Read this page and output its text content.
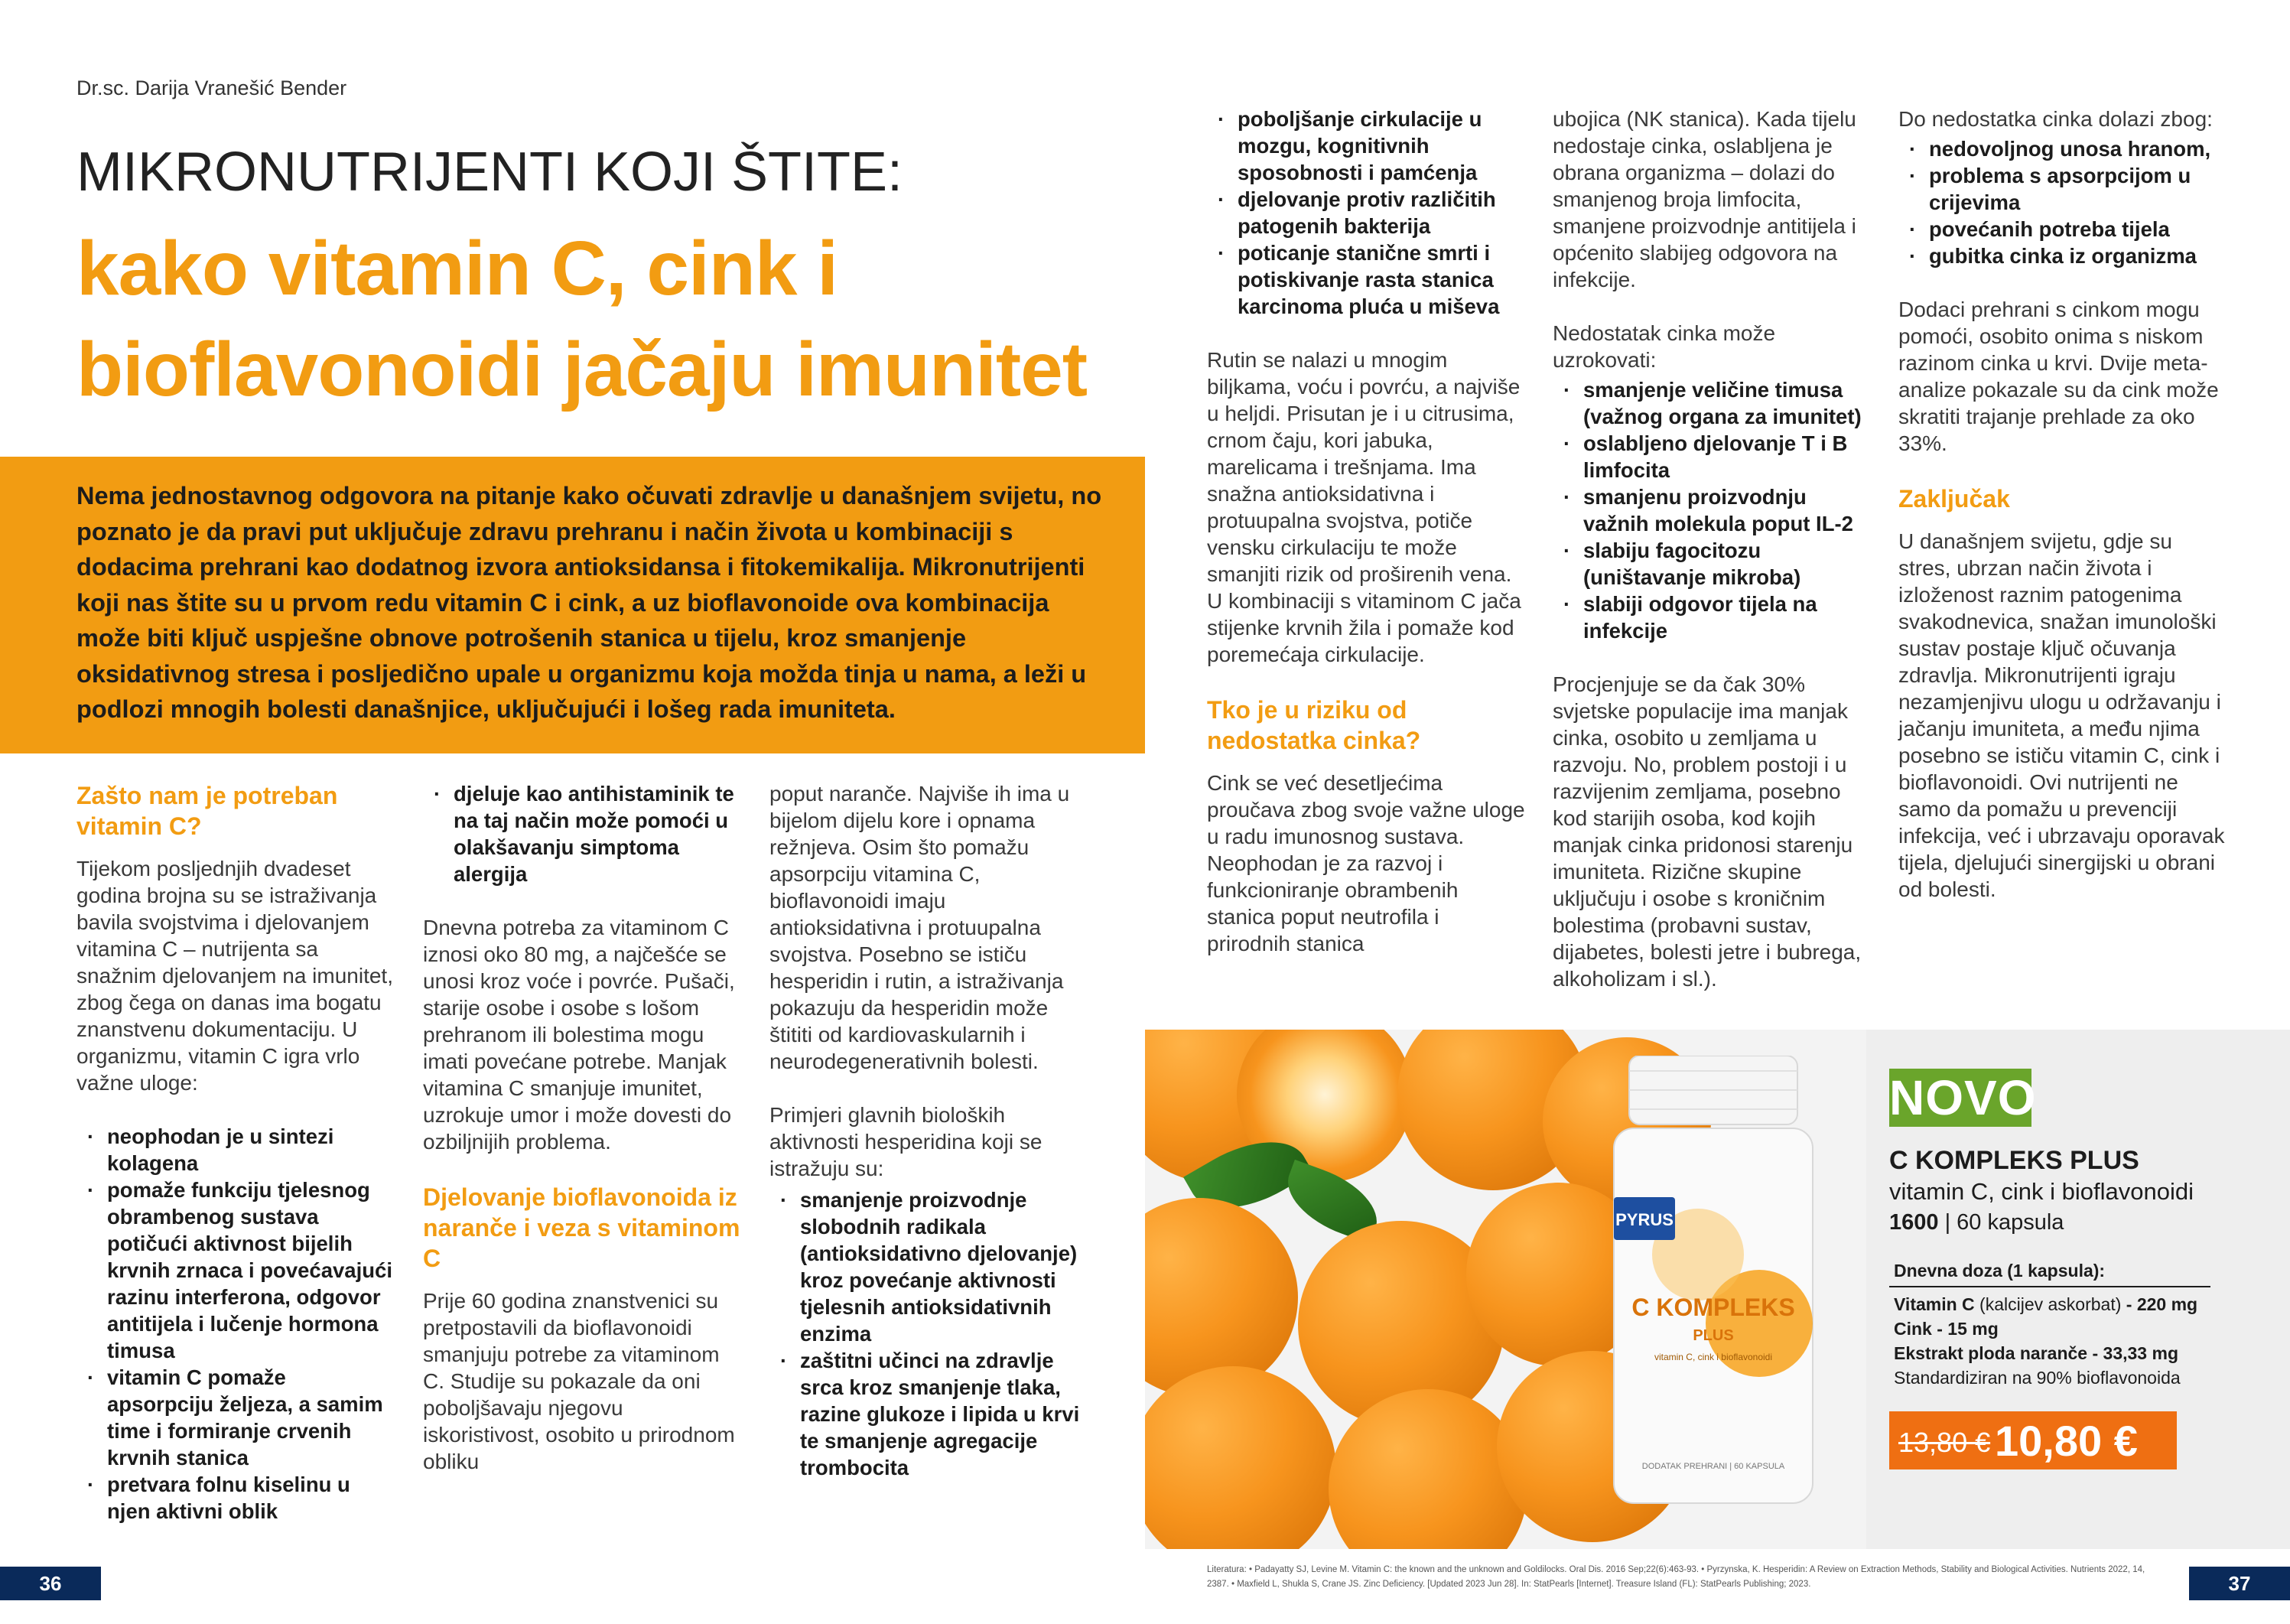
Dr.sc. Darija Vranešić Bender
MIKRONUTRIJENTI KOJI ŠTITE:
kako vitamin C, cink i
bioflavonoidi jačaju imunitet

Nema jednostavnog odgovora na pitanje kako očuvati zdravlje u današnjem svijetu, no poznato je da pravi put uključuje zdravu prehranu i način života u kombinaciji s dodacima prehrani kao dodatnog izvora antioksidansa i fitokemikalija. Mikronutrijenti koji nas štite su u prvom redu vitamin C i cink, a uz bioflavonoide ova kombinacija može biti ključ uspješne obnove potrošenih stanica u tijelu, kroz smanjenje oksidativnog stresa i posljedično upale u organizmu koja možda tinja u nama, a leži u podlozi mnogih bolesti današnjice, uključujući i lošeg rada imuniteta.

Zašto nam je potreban vitamin C?

Tijekom posljednjih dvadeset godina brojna su se istraživanja bavila svojstvima i djelovanjem vitamina C – nutrijenta sa snažnim djelovanjem na imunitet, zbog čega on danas ima bogatu znanstvenu dokumentaciju. U organizmu, vitamin C igra vrlo važne uloge:

· neophodan je u sintezi kolagena
· pomaže funkciju tjelesnog obrambenog sustava potičući aktivnost bijelih krvnih zrnaca i povećavajući razinu interferona, odgovor antitijela i lučenje hormona timusa
· vitamin C pomaže apsorpciju željeza, a samim time i formiranje crvenih krvnih stanica
· pretvara folnu kiselinu u njen aktivni oblik
· djeluje kao antihistaminik te na taj način može pomoći u olakšavanju simptoma alergija

Dnevna potreba za vitaminom C iznosi oko 80 mg, a najčešće se unosi kroz voće i povrće. Pušači, starije osobe i osobe s lošom prehranom ili bolestima mogu imati povećane potrebe. Manjak vitamina C smanjuje imunitet, uzrokuje umor i može dovesti do ozbiljnijih problema.

Djelovanje bioflavonoida iz naranče i veza s vitaminom C

Prije 60 godina znanstvenici su pretpostavili da bioflavonoidi smanjuju potrebe za vitaminom C. Studije su pokazale da oni poboljšavaju njegovu iskoristivost, osobito u prirodnom obliku

poput naranče. Najviše ih ima u bijelom dijelu kore i opnama režnjeva. Osim što pomažu apsorpciju vitamina C, bioflavonoidi imaju antioksidativna i protuupalna svojstva. Posebno se ističu hesperidin i rutin, a istraživanja pokazuju da hesperidin može štititi od kardiovaskularnih i neurodegenerativnih bolesti.

Primjeri glavnih bioloških aktivnosti hesperidina koji se istražuju su:

· smanjenje proizvodnje slobodnih radikala (antioksidativno djelovanje) kroz povećanje aktivnosti tjelesnih antioksidativnih enzima
· zaštitni učinci na zdravlje srca kroz smanjenje tlaka, razine glukoze i lipida u krvi te smanjenje agregacije trombocita
· poboljšanje cirkulacije u mozgu, kognitivnih sposobnosti i pamćenja
· djelovanje protiv različitih patogenih bakterija
· poticanje stanične smrti i potiskivanje rasta stanica karcinoma pluća u miševa

Rutin se nalazi u mnogim biljkama, voću i povrću, a najviše u heljdi. Prisutan je i u citrusima, crnom čaju, kori jabuka, marelicama i trešnjama. Ima snažna antioksidativna i protuupalna svojstva, potiče vensku cirkulaciju te može smanjiti rizik od proširenih vena. U kombinaciji s vitaminom C jača stijenke krvnih žila i pomaže kod poremećaja cirkulacije.

Tko je u riziku od nedostatka cinka?

Cink se već desetljećima proučava zbog svoje važne uloge u radu imunosnog sustava. Neophodan je za razvoj i funkcioniranje obrambenih stanica poput neutrofila i prirodnih stanica

ubojica (NK stanica). Kada tijelu nedostaje cinka, oslabljena je obrana organizma – dolazi do smanjenog broja limfocita, smanjene proizvodnje antitijela i općenito slabijeg odgovora na infekcije.

Nedostatak cinka može uzrokovati:

· smanjenje veličine timusa (važnog organa za imunitet)
· oslabljeno djelovanje T i B limfocita
· smanjenu proizvodnju važnih molekula poput IL-2
· slabiju fagocitozu (uništavanje mikroba)
· slabiji odgovor tijela na infekcije

Procjenjuje se da čak 30% svjetske populacije ima manjak cinka, osobito u zemljama u razvoju. No, problem postoji i u razvijenim zemljama, posebno kod starijih osoba, kod kojih manjak cinka pridonosi starenju imuniteta. Rizične skupine uključuju i osobe s kroničnim bolestima (probavni sustav, dijabetes, bolesti jetre i bubrega, alkoholizam i sl.).

Do nedostatka cinka dolazi zbog:

· nedovoljnog unosa hranom,
· problema s apsorpcijom u crijevima
· povećanih potreba tijela
· gubitka cinka iz organizma

Dodaci prehrani s cinkom mogu pomoći, osobito onima s niskom razinom cinka u krvi. Dvije meta-analize pokazale su da cink može skratiti trajanje prehlade za oko 33%.

Zaključak

U današnjem svijetu, gdje su stres, ubrzan način života i izloženost raznim patogenima svakodnevica, snažan imunološki sustav postaje ključ očuvanja zdravlja. Mikronutrijenti igraju nezamjenjivu ulogu u održavanju i jačanju imuniteta, a među njima posebno se ističu vitamin C, cink i bioflavonoidi. Ovi nutrijenti ne samo da pomažu u prevenciji infekcija, već i ubrzavaju oporavak tijela, djelujući sinergijski u obrani od bolesti.

PYRUS
C KOMPLEKS
PLUS
vitamin C, cink i bioflavonoidi
DODATAK PREHRANI | 60 KAPSULA
NOVO
C KOMPLEKS PLUS
vitamin C, cink i bioflavonoidi
1600 | 60 kapsula
Dnevna doza (1 kapsula):
Vitamin C (kalcijev askorbat) - 220 mg
Cink - 15 mg
Ekstrakt ploda naranče - 33,33 mg
Standardiziran na 90% bioflavonoida
13,80 € 10,80 €
Literatura: • Padayatty SJ, Levine M. Vitamin C: the known and the unknown and Goldilocks. Oral Dis. 2016 Sep;22(6):463-93. • Pyrzynska, K. Hesperidin: A Review on Extraction Methods, Stability and Biological Activities. Nutrients 2022, 14, 2387. • Maxfield L, Shukla S, Crane JS. Zinc Deficiency. [Updated 2023 Jun 28]. In: StatPearls [Internet]. Treasure Island (FL): StatPearls Publishing; 2023.
36	37
